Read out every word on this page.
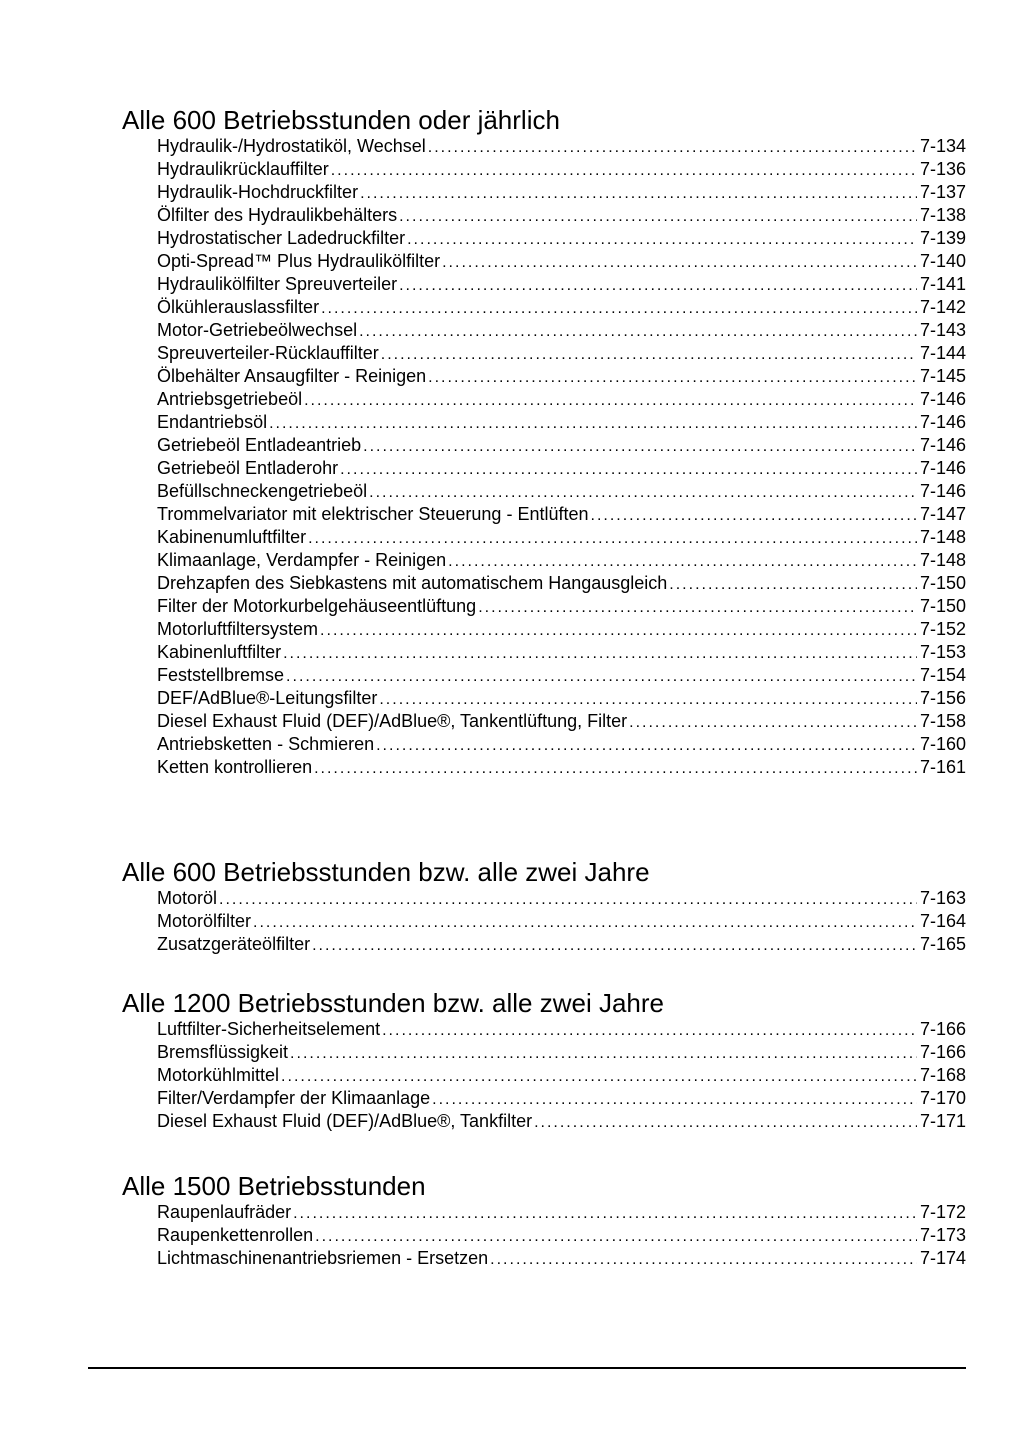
Alle 600 Betriebsstunden oder jährlich
Hydraulik-/Hydrostatiköl, Wechsel .....	7-134
Hydraulikrücklauffilter .....	7-136
Hydraulik-Hochdruckfilter .....	7-137
Ölfilter des Hydraulikbehälters .....	7-138
Hydrostatischer Ladedruckfilter .....	7-139
Opti-Spread™ Plus Hydraulikölfilter .....	7-140
Hydraulikölfilter Spreuverteiler .....	7-141
Ölkühlerauslassfilter .....	7-142
Motor-Getriebeölwechsel .....	7-143
Spreuverteiler-Rücklauffilter .....	7-144
Ölbehälter Ansaugfilter - Reinigen .....	7-145
Antriebsgetriebeöl .....	7-146
Endantriebsöl .....	7-146
Getriebeöl Entladeantrieb .....	7-146
Getriebeöl Entladerohr .....	7-146
Befüllschneckengetriebeöl .....	7-146
Trommelvariator mit elektrischer Steuerung - Entlüften .....	7-147
Kabinenumluftfilter .....	7-148
Klimaanlage, Verdampfer - Reinigen .....	7-148
Drehzapfen des Siebkastens mit automatischem Hangausgleich .....	7-150
Filter der Motorkurbelgehäuseentlüftung .....	7-150
Motorluftfiltersystem .....	7-152
Kabinenluftfilter .....	7-153
Feststellbremse .....	7-154
DEF/AdBlue®-Leitungsfilter .....	7-156
Diesel Exhaust Fluid (DEF)/AdBlue®, Tankentlüftung, Filter .....	7-158
Antriebsketten - Schmieren .....	7-160
Ketten kontrollieren .....	7-161
Alle 600 Betriebsstunden bzw. alle zwei Jahre
Motoröl .....	7-163
Motorölfilter .....	7-164
Zusatzgeräteölfilter .....	7-165
Alle 1200 Betriebsstunden bzw. alle zwei Jahre
Luftfilter-Sicherheitselement .....	7-166
Bremsflüssigkeit .....	7-166
Motorkühlmittel .....	7-168
Filter/Verdampfer der Klimaanlage .....	7-170
Diesel Exhaust Fluid (DEF)/AdBlue®, Tankfilter .....	7-171
Alle 1500 Betriebsstunden
Raupenlaufräder .....	7-172
Raupenkettenrollen .....	7-173
Lichtmaschinenantriebsriemen - Ersetzen .....	7-174
